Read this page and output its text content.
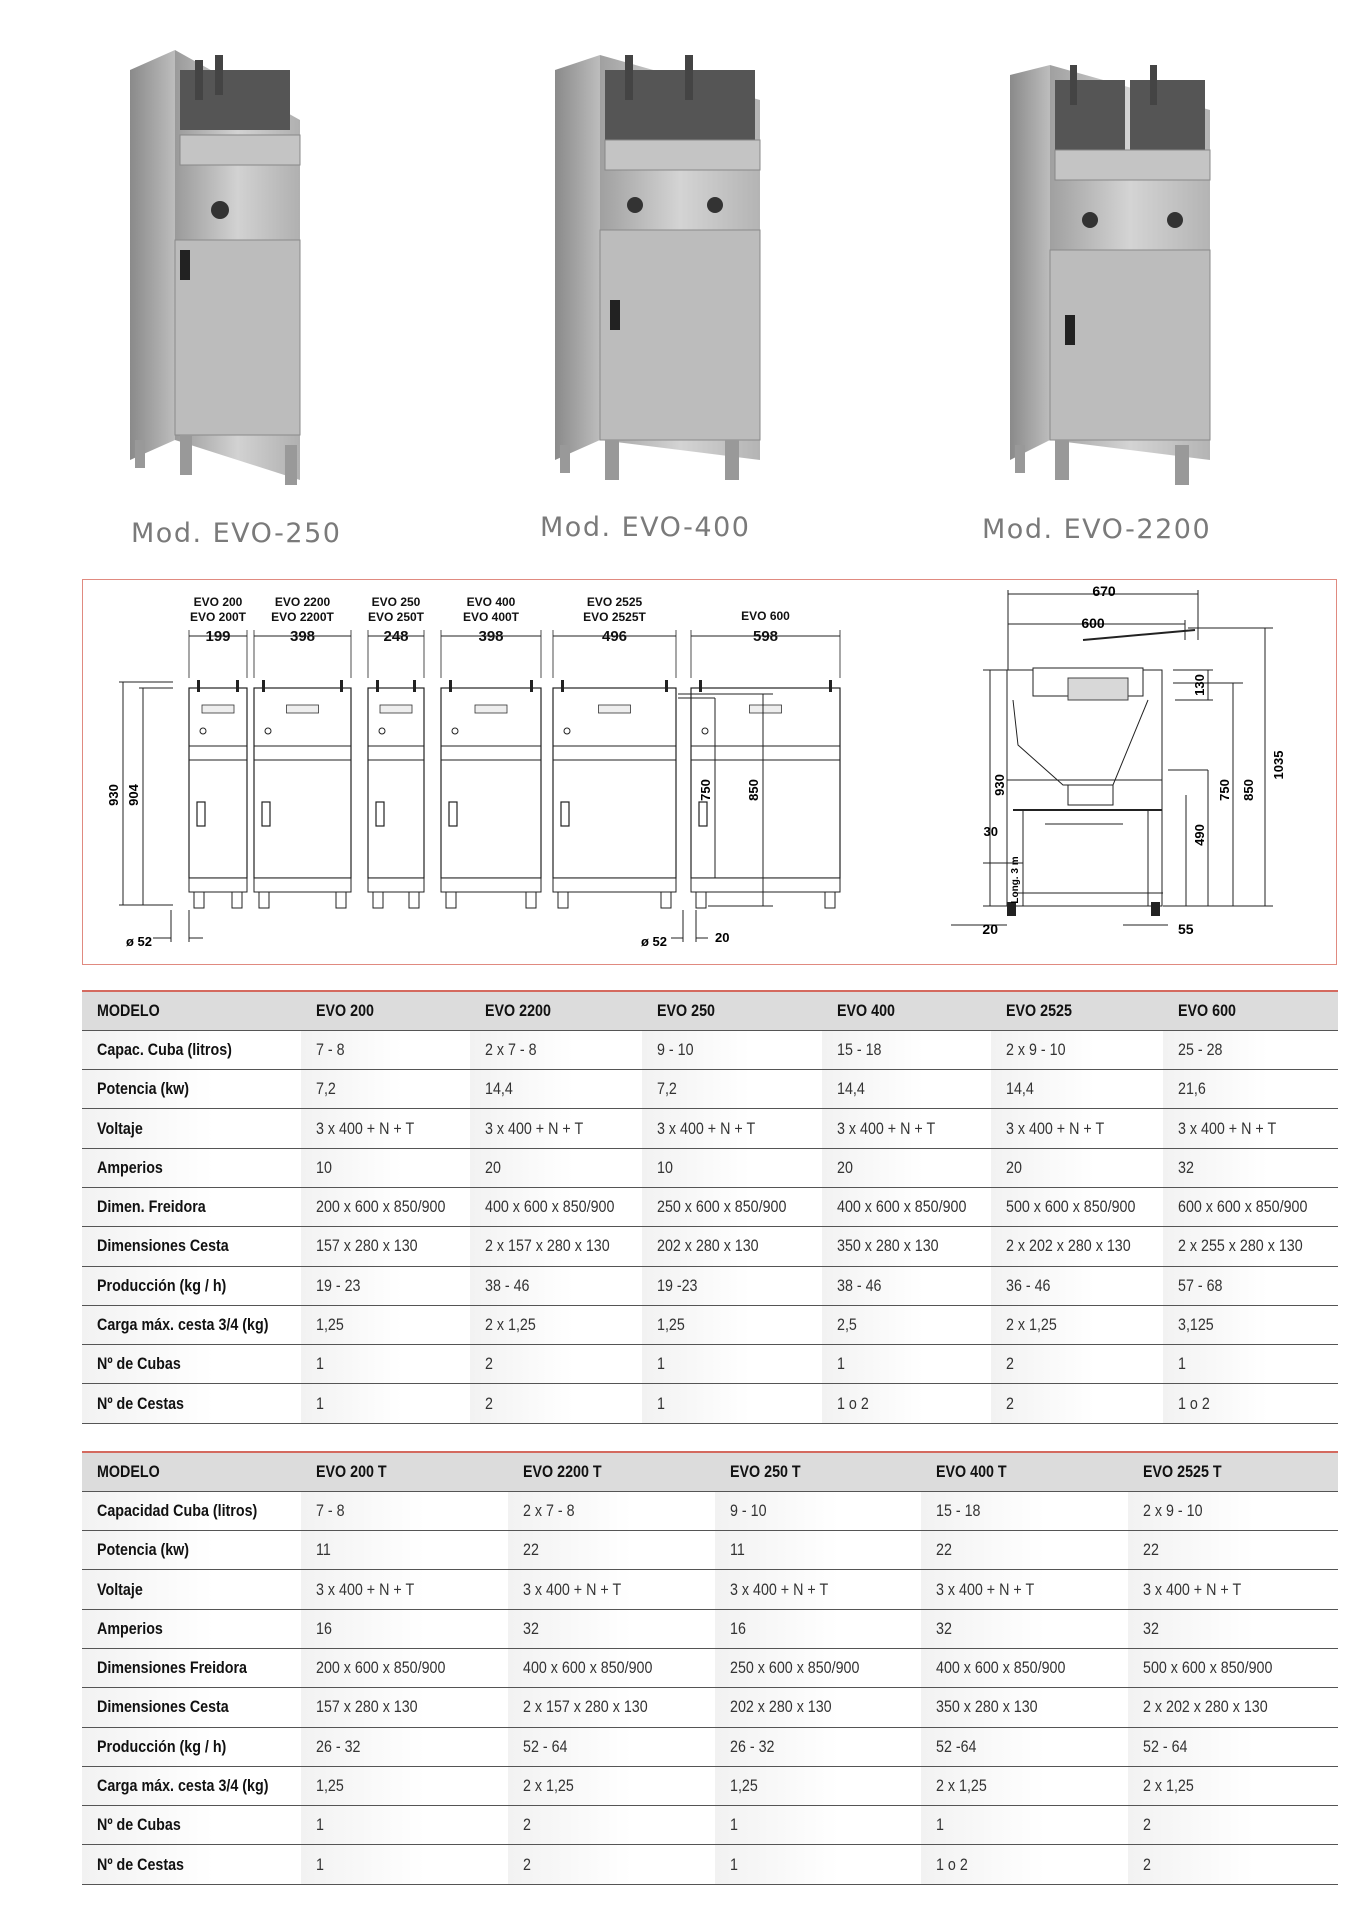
Mod. EVO-250	Mod. EVO-400	Mod. EVO-2200
199
EVO 200
EVO 200T
398
EVO 2200
EVO 2200T
248
EVO 250
EVO 250T
398
EVO 400
EVO 400T
496
EVO 2525
EVO 2525T
598
EVO 600
930 904	750	850
ø 52	ø 52	20
670
600
130
490
750 850
1035
930
30
Long. 3 m
20	55
MODELO	EVO 200	EVO 2200	EVO 250	EVO 400	EVO 2525	EVO 600
Capac. Cuba (litros)	7 - 8	2 x 7 - 8	9 - 10	15 - 18	2 x 9 - 10	25 - 28
Potencia (kw)	7,2	14,4	7,2	14,4	14,4	21,6
Voltaje	3 x 400 + N + T	3 x 400 + N + T	3 x 400 + N + T	3 x 400 + N + T	3 x 400 + N + T	3 x 400 + N + T
Amperios	10	20	10	20	20	32
Dimen. Freidora	200 x 600 x 850/900	400 x 600 x 850/900	250 x 600 x 850/900	400 x 600 x 850/900	500 x 600 x 850/900	600 x 600 x 850/900
Dimensiones Cesta	157 x 280 x 130	2 x 157 x 280 x 130	202 x 280 x 130	350 x 280 x 130	2 x 202 x 280 x 130	2 x 255 x 280 x 130
Producción (kg / h)	19 - 23	38 - 46	19 -23	38 - 46	36 - 46	57 - 68
Carga máx. cesta 3/4 (kg)	1,25	2 x 1,25	1,25	2,5	2 x 1,25	3,125
Nº de Cubas	1	2	1	1	2	1
Nº de Cestas	1	2	1	1 o 2	2	1 o 2
MODELO	EVO 200 T	EVO 2200 T	EVO 250 T	EVO 400 T	EVO 2525 T
Capacidad Cuba (litros)	7 - 8	2 x 7 - 8	9 - 10	15 - 18	2 x 9 - 10
Potencia (kw)	11	22	11	22	22
Voltaje	3 x 400 + N + T	3 x 400 + N + T	3 x 400 + N + T	3 x 400 + N + T	3 x 400 + N + T
Amperios	16	32	16	32	32
Dimensiones Freidora	200 x 600 x 850/900	400 x 600 x 850/900	250 x 600 x 850/900	400 x 600 x 850/900	500 x 600 x 850/900
Dimensiones Cesta	157 x 280 x 130	2 x 157 x 280 x 130	202 x 280 x 130	350 x 280 x 130	2 x 202 x 280 x 130
Producción (kg / h)	26 - 32	52 - 64	26 - 32	52 -64	52 - 64
Carga máx. cesta 3/4 (kg)	1,25	2 x 1,25	1,25	2 x 1,25	2 x 1,25
Nº de Cubas	1	2	1	1	2
Nº de Cestas	1	2	1	1 o 2	2
